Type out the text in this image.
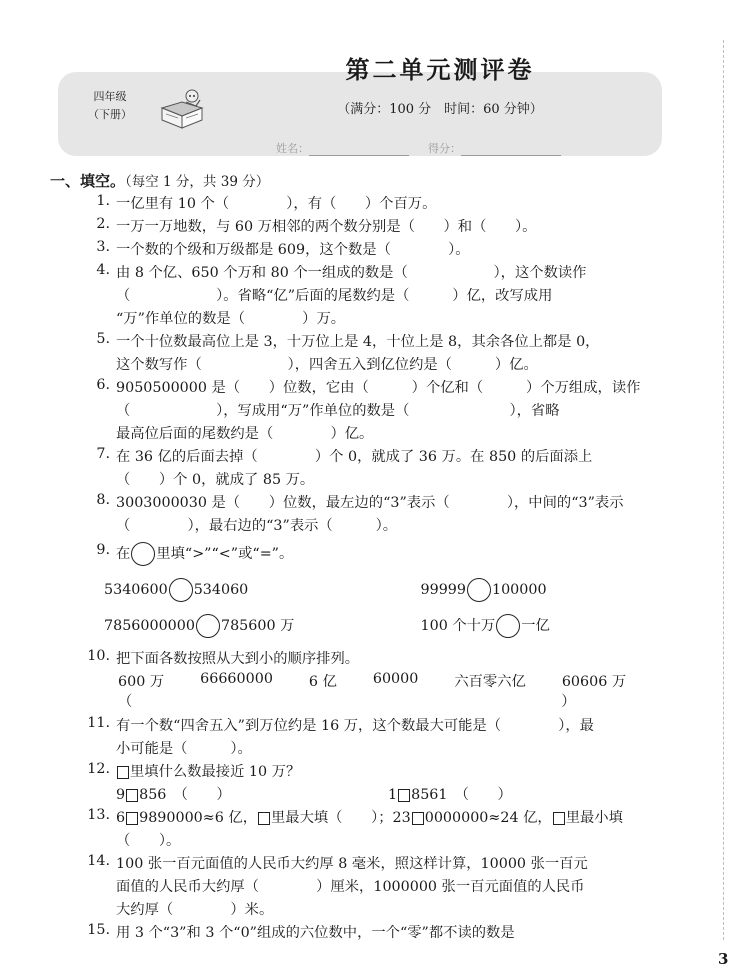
四年级
（下册）
第二单元测评卷
（满分：100 分　时间：60 分钟）
姓名：	得分：
一、填空。（每空 1 分，共 39 分）
1. 一亿里有 10 个（　　　　），有（　　）个百万。
2. 一万一万地数，与 60 万相邻的两个数分别是（　　）和（　　）。
3. 一个数的个级和万级都是 609，这个数是（　　　　）。
4. 由 8 个亿、650 个万和 80 个一组成的数是（　　　　　　），这个数读作
（　　　　　　）。省略“亿”后面的尾数约是（　　　）亿，改写成用
“万”作单位的数是（　　　　）万。
5. 一个十位数最高位上是 3，十万位上是 4，十位上是 8，其余各位上都是 0，
这个数写作（　　　　　　），四舍五入到亿位约是（　　　）亿。
6. 9050500000 是（　　）位数，它由（　　　）个亿和（　　　）个万组成，读作
（　　　　　　），写成用“万”作单位的数是（　　　　　　　），省略
最高位后面的尾数约是（　　　　）亿。
7. 在 36 亿的后面去掉（　　　　）个 0，就成了 36 万。在 850 的后面添上
（　　）个 0，就成了 85 万。
8. 3003000030 是（　　）位数，最左边的“3”表示（　　　　），中间的“3”表示
（　　　　），最右边的“3”表示（　　　）。
9. 在 里填“>”“<”或“=”。
5340600 534060	99999 100000
7856000000 785600 万	100 个十万 一亿
10. 把下面各数按照从大到小的顺序排列。
600 万	66660000	6 亿	60000	六百零六亿	60606 万
（　　　　　　　　　　　　　　　　　　　　　　　　　　　　　　）
11. 有一个数“四舍五入”到万位约是 16 万，这个数最大可能是（　　　　），最
小可能是（　　　）。
12.	里填什么数最接近 10 万？
9 856　（　　）	1 8561　（　　）
13. 6 9890000≈6 亿， 里最大填（　　）；23 0000000≈24 亿， 里最小填
（　　）。
14. 100 张一百元面值的人民币大约厚 8 毫米，照这样计算，10000 张一百元
面值的人民币大约厚（　　　　）厘米，1000000 张一百元面值的人民币
大约厚（　　　　）米。
15. 用 3 个“3”和 3 个“0”组成的六位数中，一个“零”都不读的数是
3
